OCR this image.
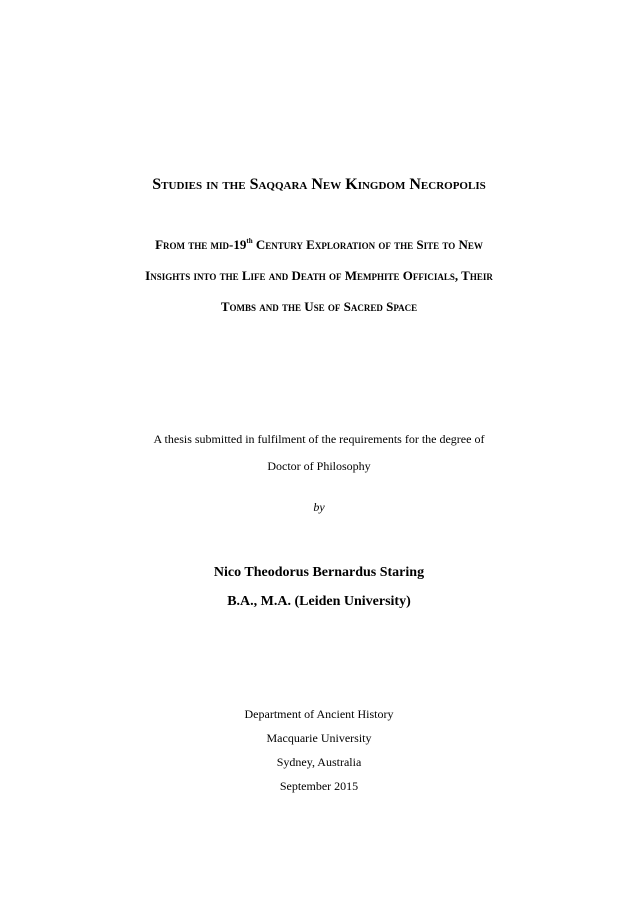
Studies in the Saqqara New Kingdom Necropolis
From the mid-19th Century Exploration of the Site to New
Insights into the Life and Death of Memphite Officials, Their
Tombs and the Use of Sacred Space
A thesis submitted in fulfilment of the requirements for the degree of
Doctor of Philosophy
by
Nico Theodorus Bernardus Staring
B.A., M.A. (Leiden University)
Department of Ancient History
Macquarie University
Sydney, Australia
September 2015
